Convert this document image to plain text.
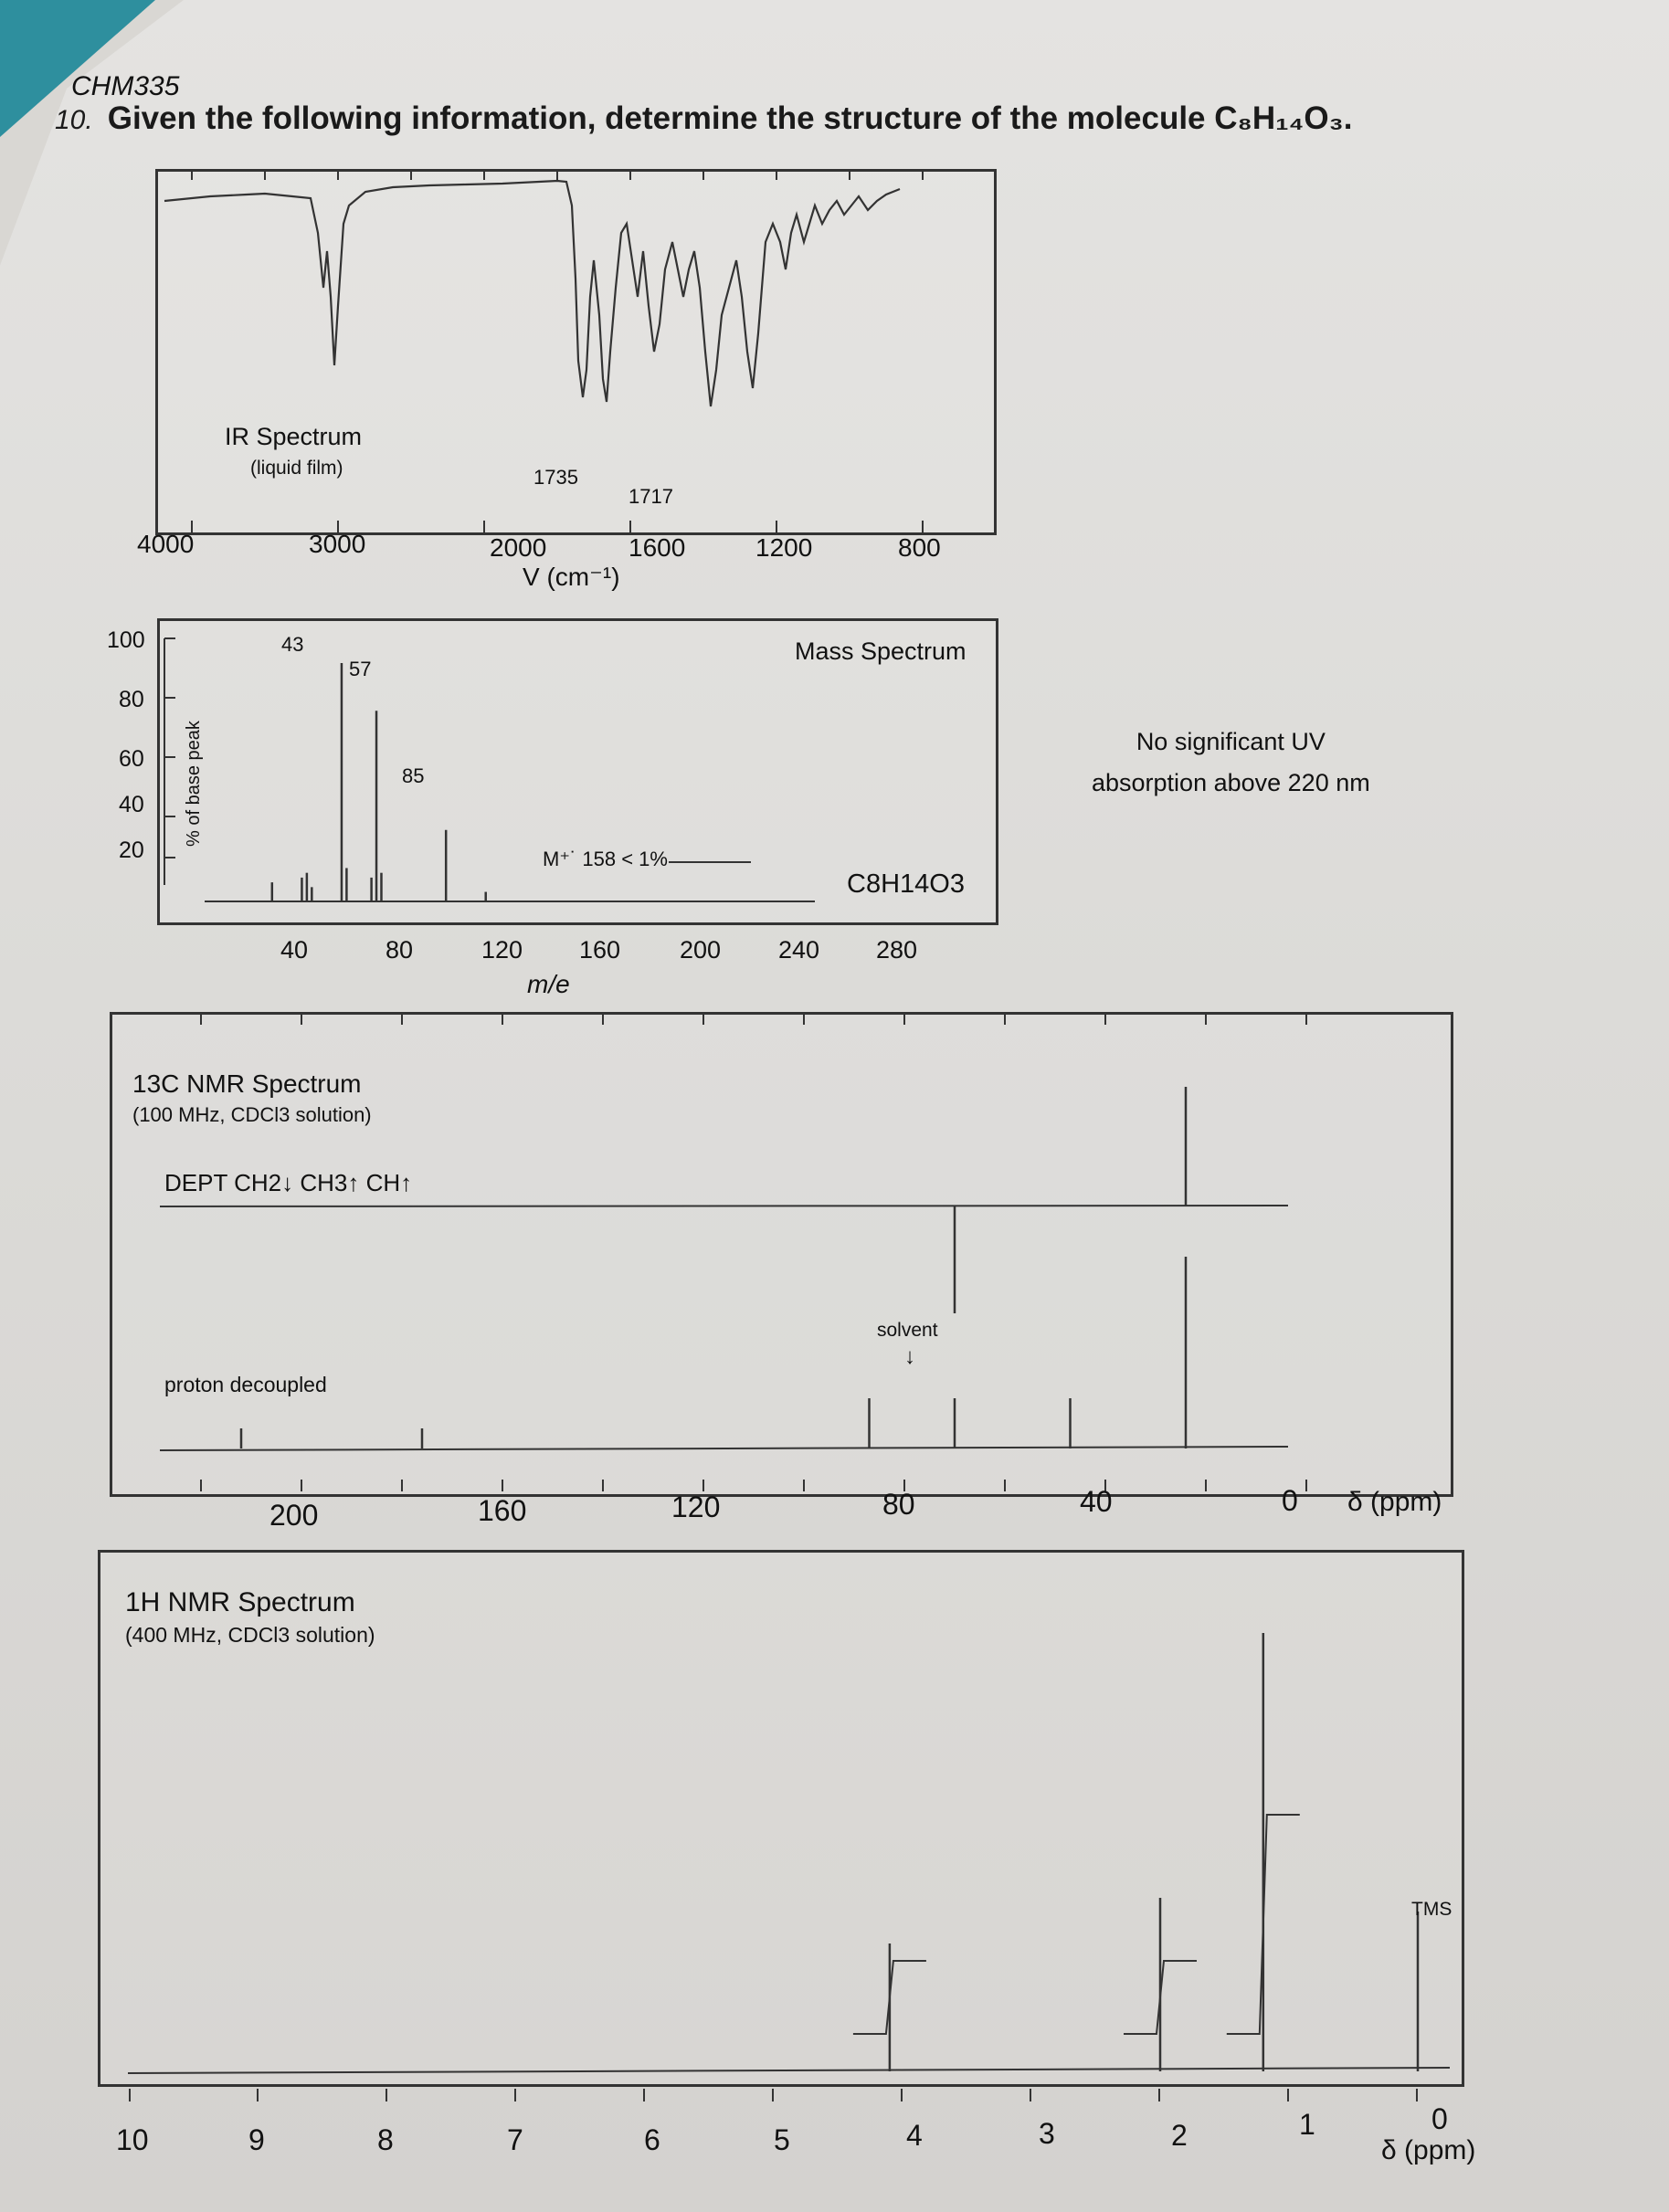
CHM335
10. Given the following information, determine the structure of the molecule C₈H₁₄O₃.
IR Spectrum
(liquid film)	1735
1717
4000	3000	2000	1600	1200	800
V (cm⁻¹)
100
80
60
40
20
% of base peak
43
57
85
Mass Spectrum
M⁺˙ 158 < 1%
C8H14O3
40	80	120 160 200 240 280
m/e
No significant UV
absorption above 220 nm
13C NMR Spectrum
(100 MHz, CDCl3 solution)
DEPT CH2↓ CH3↑ CH↑
proton decoupled
solvent
↓
200	160	120	80	40	0 δ (ppm)
1H NMR Spectrum
(400 MHz, CDCl3 solution)
TMS
10	9	8	7	6	5	4	3	2	1	0
δ (ppm)
